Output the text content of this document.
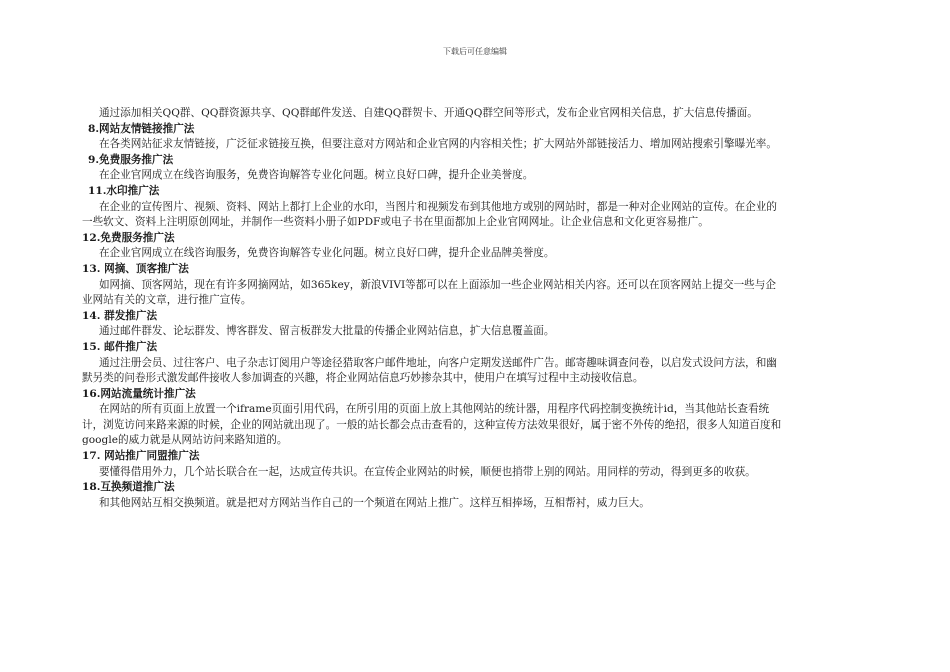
下载后可任意编辑

通过添加相关QQ群、QQ群资源共享、QQ群邮件发送、自建QQ群贺卡、开通QQ群空间等形式，发布企业官网相关信息，扩大信息传播面。

8.网站友情链接推广法

在各类网站征求友情链接，广泛征求链接互换，但要注意对方网站和企业官网的内容相关性；扩大网站外部链接活力、增加网站搜索引擎曝光率。

9.免费服务推广法

在企业官网成立在线咨询服务，免费咨询解答专业化问题。树立良好口碑，提升企业美誉度。

11.水印推广法

在企业的宣传图片、视频、资料、网站上都打上企业的水印，当图片和视频发布到其他地方或别的网站时，都是一种对企业网站的宣传。在企业的
一些软文、资料上注明原创网址，并制作一些资料小册子如PDF或电子书在里面都加上企业官网网址。让企业信息和文化更容易推广。

12.免费服务推广法

在企业官网成立在线咨询服务，免费咨询解答专业化问题。树立良好口碑，提升企业品牌美誉度。

13. 网摘、顶客推广法

如网摘、顶客网站，现在有许多网摘网站，如365key，新浪VIVI等都可以在上面添加一些企业网站相关内容。还可以在顶客网站上提交一些与企
业网站有关的文章，进行推广宣传。

14. 群发推广法

通过邮件群发、论坛群发、博客群发、留言板群发大批量的传播企业网站信息，扩大信息覆盖面。

15. 邮件推广法

通过注册会员、过往客户、电子杂志订阅用户等途径猎取客户邮件地址，向客户定期发送邮件广告。邮寄趣味调查问卷，以启发式设问方法，和幽
默另类的问卷形式激发邮件接收人参加调查的兴趣，将企业网站信息巧妙掺杂其中，使用户在填写过程中主动接收信息。

16.网站流量统计推广法

在网站的所有页面上放置一个iframe页面引用代码，在所引用的页面上放上其他网站的统计器，用程序代码控制变换统计id，当其他站长查看统
计，浏览访问来路来源的时候，企业的网站就出现了。一般的站长都会点击查看的，这种宣传方法效果很好，属于密不外传的绝招，很多人知道百度和
google的威力就是从网站访问来路知道的。

17. 网站推广同盟推广法

要懂得借用外力，几个站长联合在一起，达成宣传共识。在宣传企业网站的时候，顺便也捎带上别的网站。用同样的劳动，得到更多的收获。

18.互换频道推广法

和其他网站互相交换频道。就是把对方网站当作自己的一个频道在网站上推广。这样互相捧场，互相帮衬，威力巨大。
